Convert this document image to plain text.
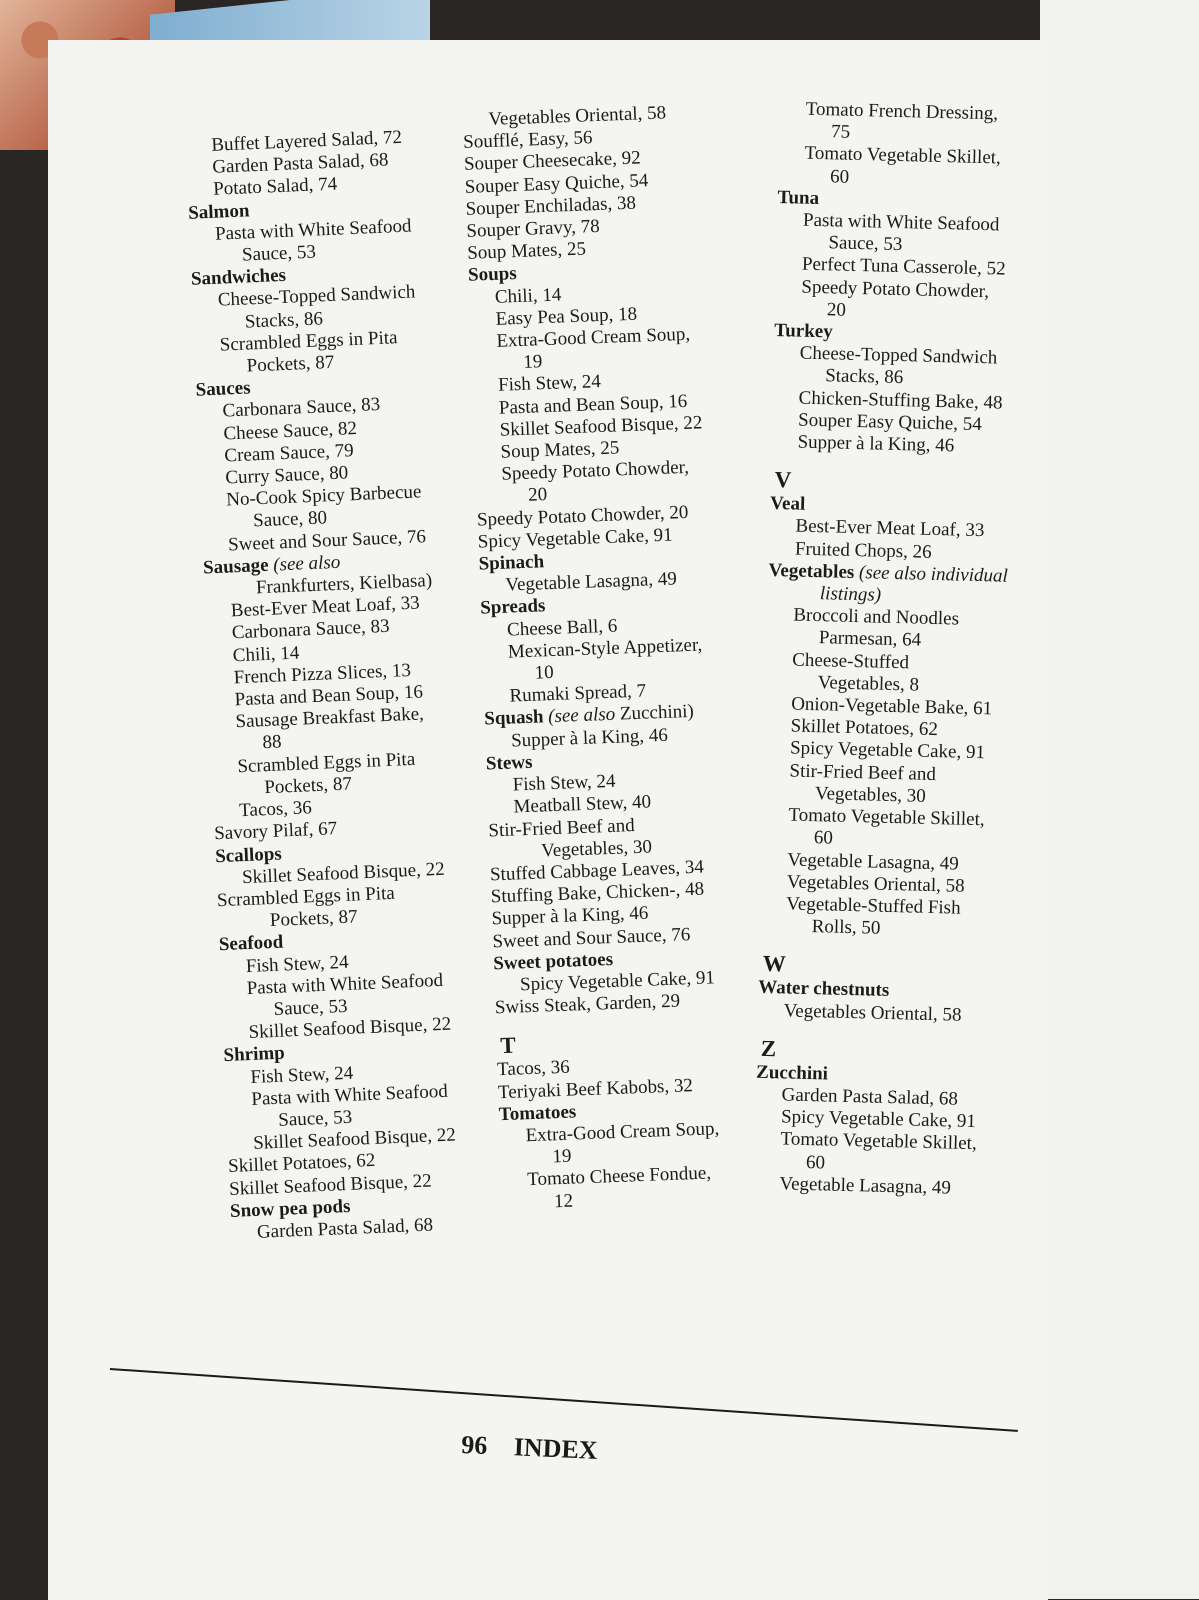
Buffet Layered Salad, 72

Garden Pasta Salad, 68

Potato Salad, 74

Salmon

Pasta with White Seafood

Sauce, 53

Sandwiches

Cheese-Topped Sandwich

Stacks, 86

Scrambled Eggs in Pita

Pockets, 87

Sauces

Carbonara Sauce, 83

Cheese Sauce, 82

Cream Sauce, 79

Curry Sauce, 80

No-Cook Spicy Barbecue

Sauce, 80

Sweet and Sour Sauce, 76

Sausage (see also

Frankfurters, Kielbasa)

Best-Ever Meat Loaf, 33

Carbonara Sauce, 83

Chili, 14

French Pizza Slices, 13

Pasta and Bean Soup, 16

Sausage Breakfast Bake,

88

Scrambled Eggs in Pita

Pockets, 87

Tacos, 36

Savory Pilaf, 67

Scallops

Skillet Seafood Bisque, 22

Scrambled Eggs in Pita

Pockets, 87

Seafood

Fish Stew, 24

Pasta with White Seafood

Sauce, 53

Skillet Seafood Bisque, 22

Shrimp

Fish Stew, 24

Pasta with White Seafood

Sauce, 53

Skillet Seafood Bisque, 22

Skillet Potatoes, 62

Skillet Seafood Bisque, 22

Snow pea pods

Garden Pasta Salad, 68

Vegetables Oriental, 58

Soufflé, Easy, 56

Souper Cheesecake, 92

Souper Easy Quiche, 54

Souper Enchiladas, 38

Souper Gravy, 78

Soup Mates, 25

Soups

Chili, 14

Easy Pea Soup, 18

Extra-Good Cream Soup,

19

Fish Stew, 24

Pasta and Bean Soup, 16

Skillet Seafood Bisque, 22

Soup Mates, 25

Speedy Potato Chowder,

20

Speedy Potato Chowder, 20

Spicy Vegetable Cake, 91

Spinach

Vegetable Lasagna, 49

Spreads

Cheese Ball, 6

Mexican-Style Appetizer,

10

Rumaki Spread, 7

Squash (see also Zucchini)

Supper à la King, 46

Stews

Fish Stew, 24

Meatball Stew, 40

Stir-Fried Beef and

Vegetables, 30

Stuffed Cabbage Leaves, 34

Stuffing Bake, Chicken-, 48

Supper à la King, 46

Sweet and Sour Sauce, 76

Sweet potatoes

Spicy Vegetable Cake, 91

Swiss Steak, Garden, 29

T

Tacos, 36

Teriyaki Beef Kabobs, 32

Tomatoes

Extra-Good Cream Soup,

19

Tomato Cheese Fondue,

12

Tomato French Dressing,

75

Tomato Vegetable Skillet,

60

Tuna

Pasta with White Seafood

Sauce, 53

Perfect Tuna Casserole, 52

Speedy Potato Chowder,

20

Turkey

Cheese-Topped Sandwich

Stacks, 86

Chicken-Stuffing Bake, 48

Souper Easy Quiche, 54

Supper à la King, 46

V

Veal

Best-Ever Meat Loaf, 33

Fruited Chops, 26

Vegetables (see also individual

listings)

Broccoli and Noodles

Parmesan, 64

Cheese-Stuffed

Vegetables, 8

Onion-Vegetable Bake, 61

Skillet Potatoes, 62

Spicy Vegetable Cake, 91

Stir-Fried Beef and

Vegetables, 30

Tomato Vegetable Skillet,

60

Vegetable Lasagna, 49

Vegetables Oriental, 58

Vegetable-Stuffed Fish

Rolls, 50

W

Water chestnuts

Vegetables Oriental, 58

Z

Zucchini

Garden Pasta Salad, 68

Spicy Vegetable Cake, 91

Tomato Vegetable Skillet,

60

Vegetable Lasagna, 49

96 INDEX
